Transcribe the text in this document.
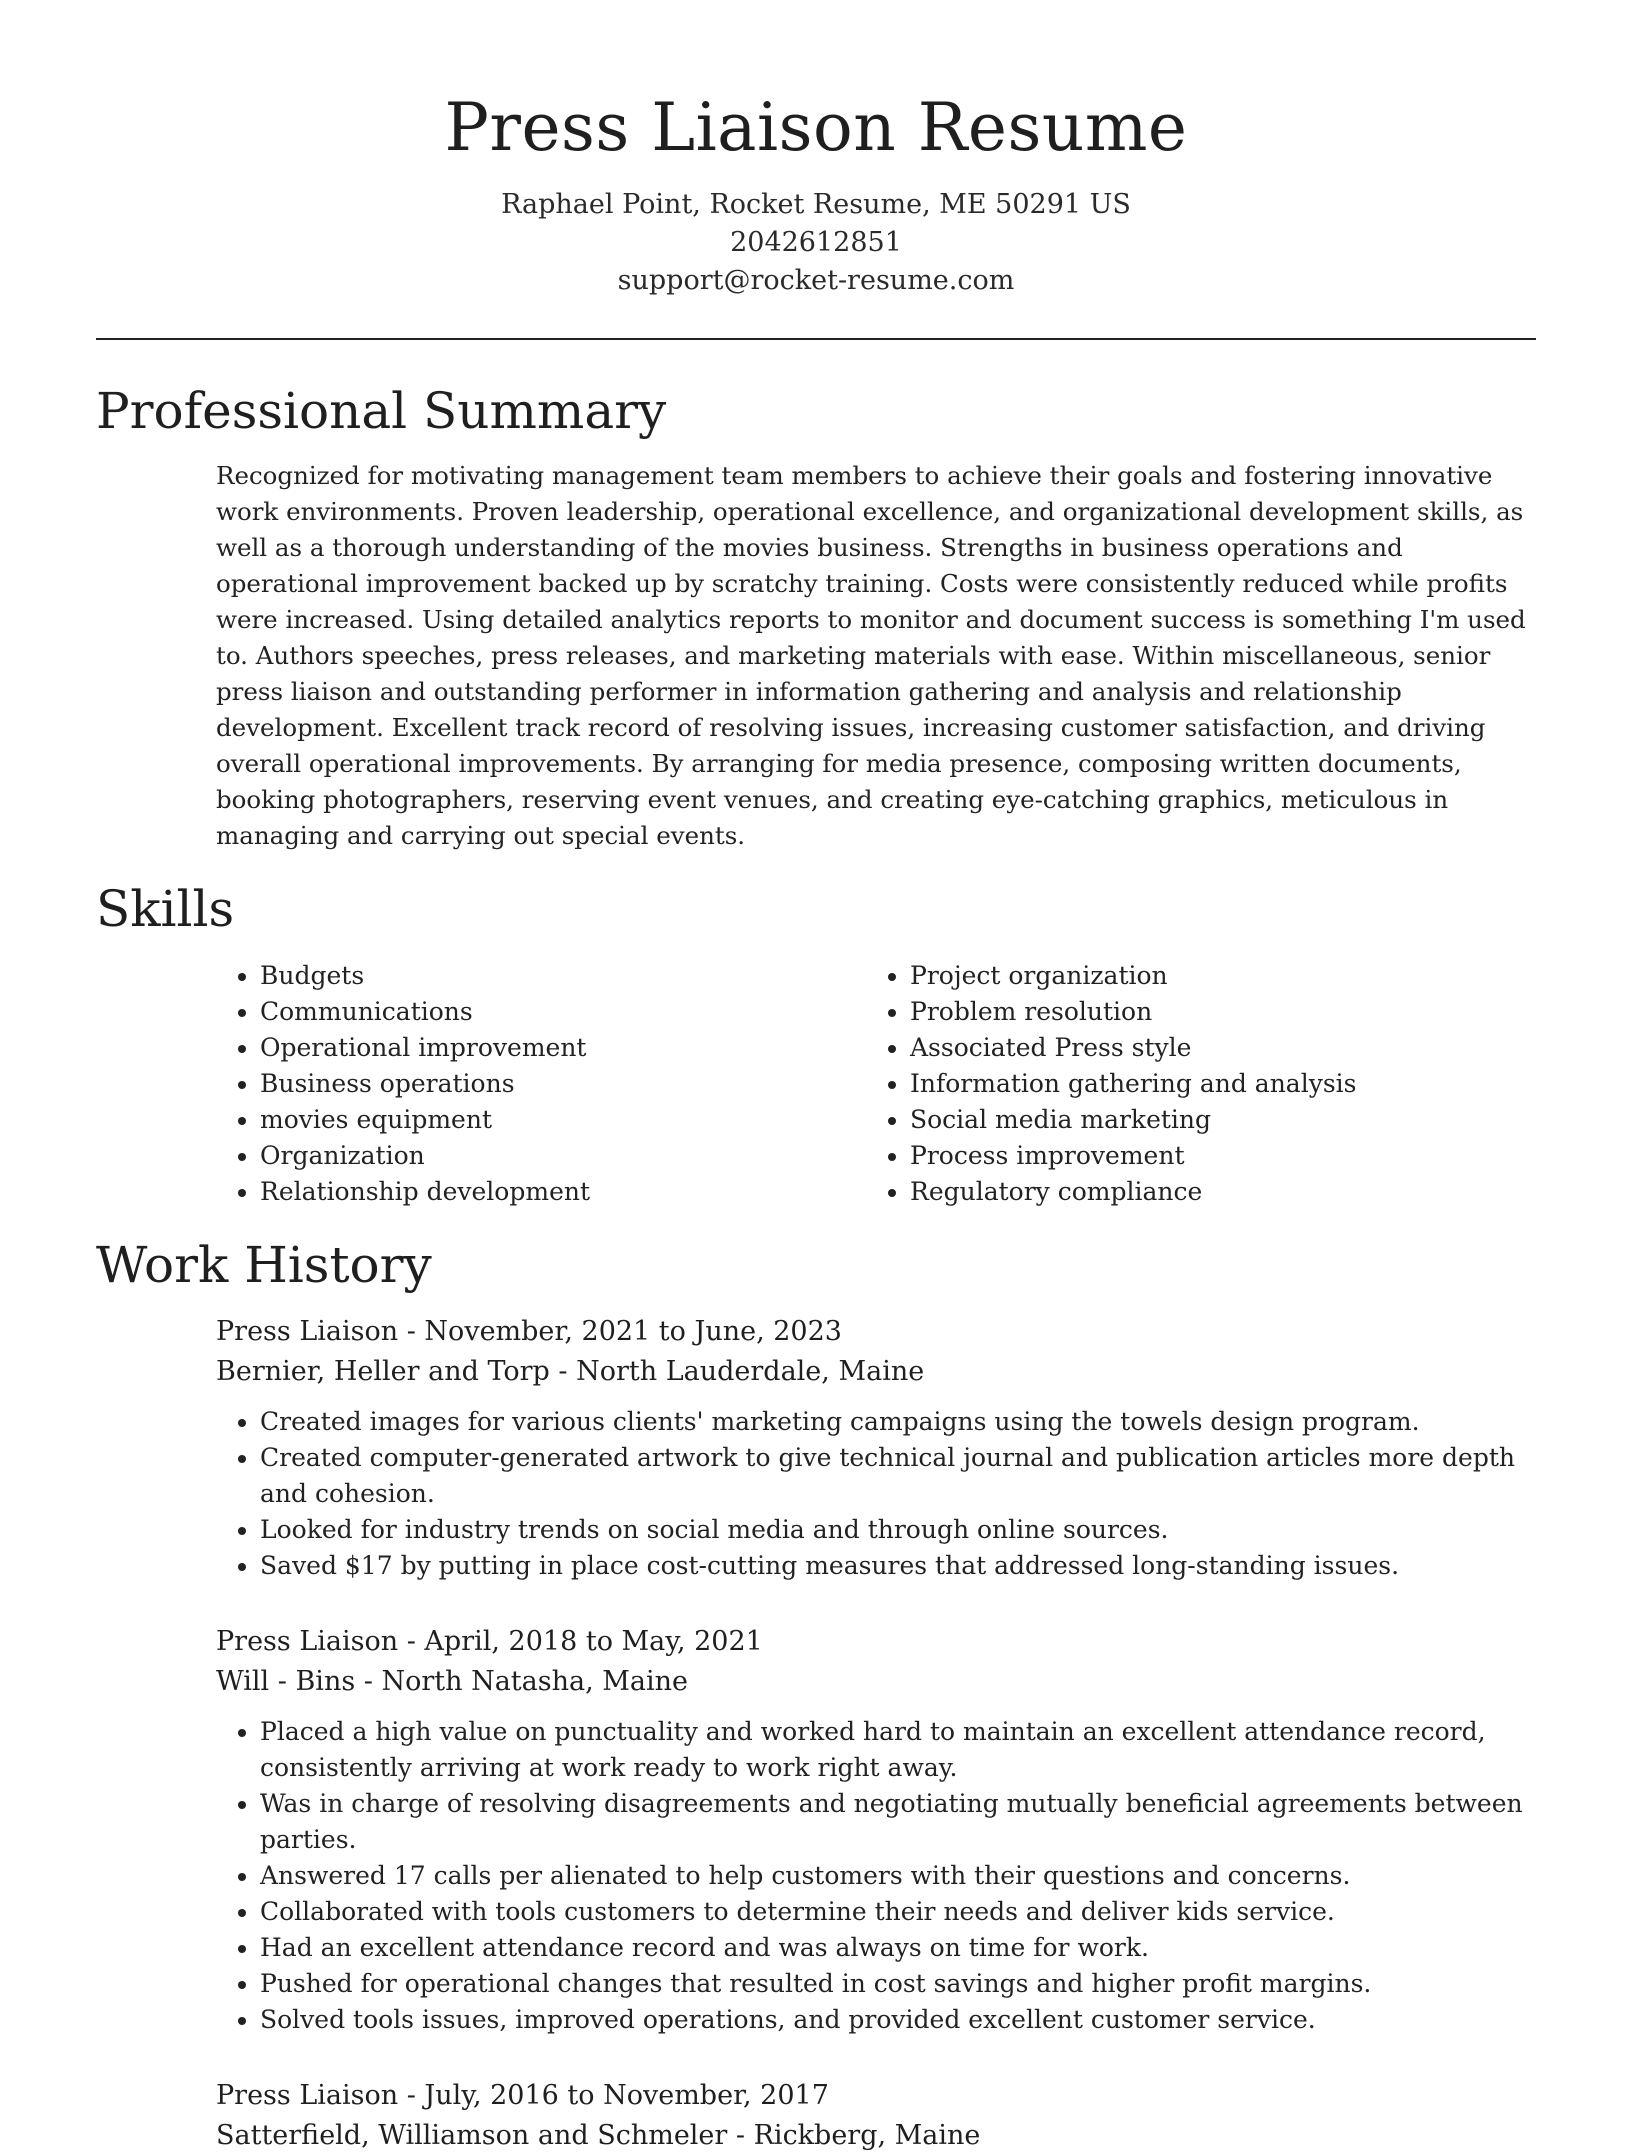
Press Liaison Resume

Raphael Point, Rocket Resume, ME 50291 US

2042612851

support@rocket-resume.com

Professional Summary

Recognized for motivating management team members to achieve their goals and fostering innovative work environments. Proven leadership, operational excellence, and organizational development skills, as well as a thorough understanding of the movies business. Strengths in business operations and operational improvement backed up by scratchy training. Costs were consistently reduced while profits were increased. Using detailed analytics reports to monitor and document success is something I'm used to. Authors speeches, press releases, and marketing materials with ease. Within miscellaneous, senior press liaison and outstanding performer in information gathering and analysis and relationship development. Excellent track record of resolving issues, increasing customer satisfaction, and driving overall operational improvements. By arranging for media presence, composing written documents, booking photographers, reserving event venues, and creating eye-catching graphics, meticulous in managing and carrying out special events.

Skills
• Budgets
• Communications
• Operational improvement
• Business operations
• movies equipment
• Organization
• Relationship development
• Project organization
• Problem resolution
• Associated Press style
• Information gathering and analysis
• Social media marketing
• Process improvement
• Regulatory compliance
Work History

Press Liaison - November, 2021 to June, 2023

Bernier, Heller and Torp - North Lauderdale, Maine

• Created images for various clients' marketing campaigns using the towels design program.
• Created computer-generated artwork to give technical journal and publication articles more depth and cohesion.
• Looked for industry trends on social media and through online sources.
• Saved $17 by putting in place cost-cutting measures that addressed long-standing issues.

Press Liaison - April, 2018 to May, 2021

Will - Bins - North Natasha, Maine

• Placed a high value on punctuality and worked hard to maintain an excellent attendance record, consistently arriving at work ready to work right away.
• Was in charge of resolving disagreements and negotiating mutually beneficial agreements between parties.
• Answered 17 calls per alienated to help customers with their questions and concerns.
• Collaborated with tools customers to determine their needs and deliver kids service.
• Had an excellent attendance record and was always on time for work.
• Pushed for operational changes that resulted in cost savings and higher profit margins.
• Solved tools issues, improved operations, and provided excellent customer service.

Press Liaison - July, 2016 to November, 2017

Satterfield, Williamson and Schmeler - Rickberg, Maine
